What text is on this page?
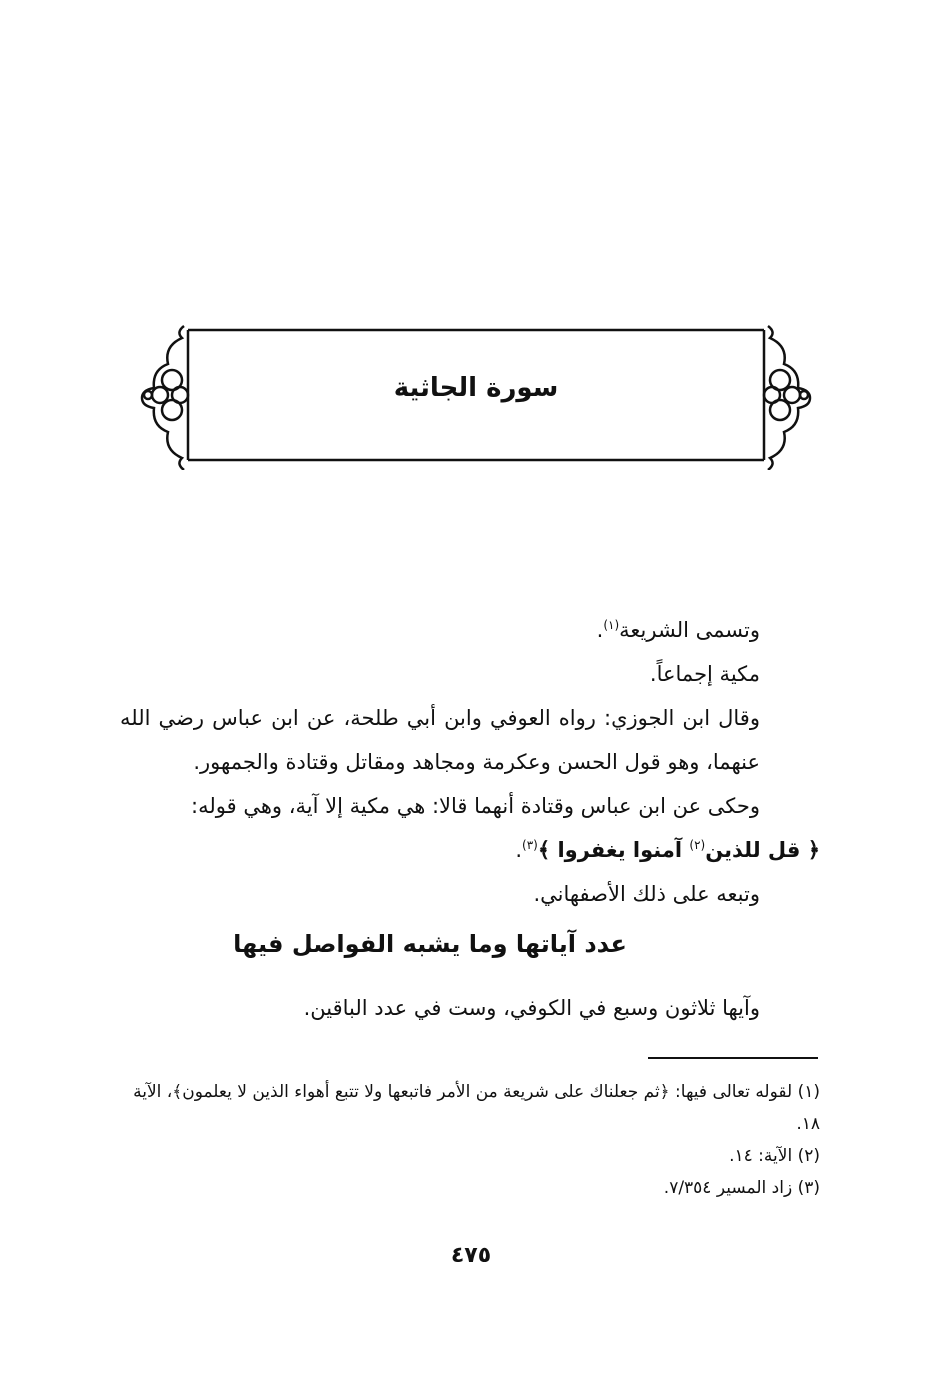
سورة الجاثية

وتسمى الشريعة$^{(١)}$.

مكية إجماعاً.

وقال ابن الجوزي: رواه العوفي وابن أبي طلحة، عن ابن عباس رضي الله عنهما، وهو قول الحسن وعكرمة ومجاهد ومقاتل وقتادة والجمهور.

وحكى عن ابن عباس وقتادة أنهما قالا: هي مكية إلا آية، وهي قوله:

﴿ قل للذين$^{(٢)}$ آمنوا يغفروا ﴾$^{(٣)}$.

وتبعه على ذلك الأصفهاني.

عدد آياتها وما يشبه الفواصل فيها
وآيها ثلاثون وسبع في الكوفي، وست في عدد الباقين.

(١) لقوله تعالى فيها: ﴿ثم جعلناك على شريعة من الأمر فاتبعها ولا تتبع أهواء الذين لا يعلمون﴾، الآية ١٨.

(٢) الآية: ١٤.

(٣) زاد المسير ٧/٣٥٤.

٤٧٥
